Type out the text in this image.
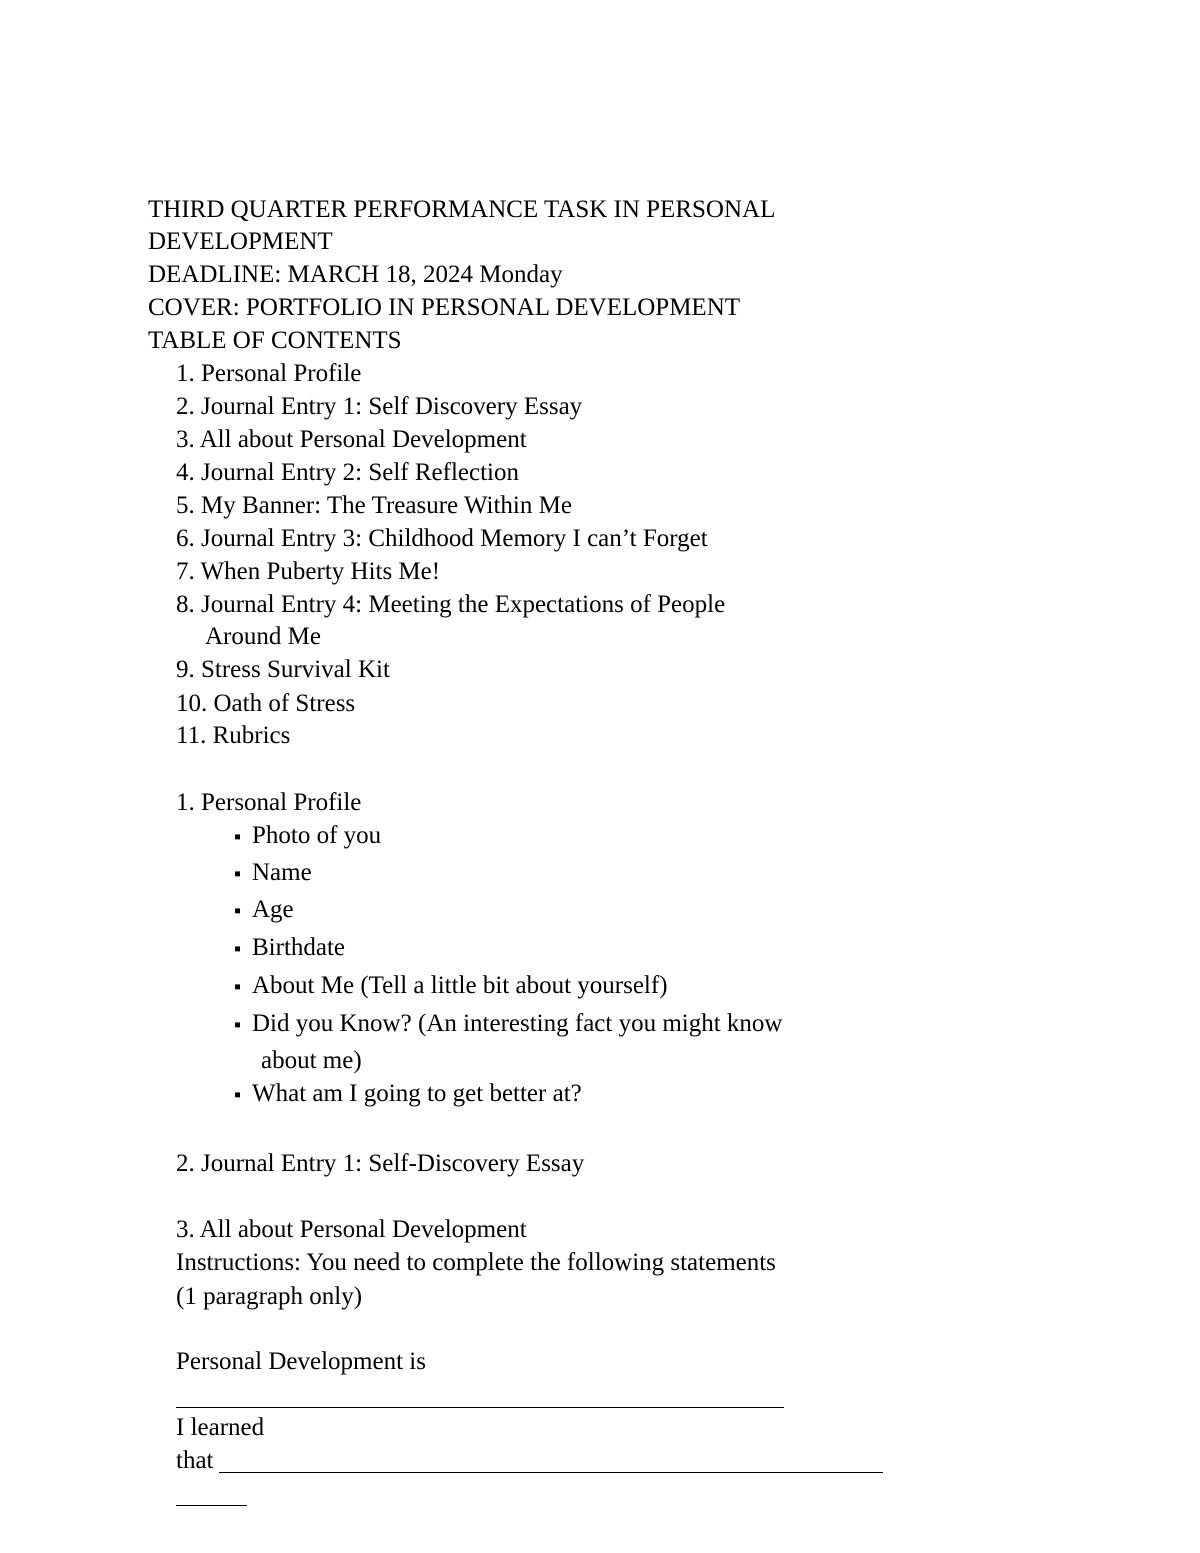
THIRD QUARTER PERFORMANCE TASK IN PERSONAL
DEVELOPMENT
DEADLINE: MARCH 18, 2024 Monday
COVER: PORTFOLIO IN PERSONAL DEVELOPMENT
TABLE OF CONTENTS
1. Personal Profile
2. Journal Entry 1: Self Discovery Essay
3. All about Personal Development
4. Journal Entry 2: Self Reflection
5. My Banner: The Treasure Within Me
6. Journal Entry 3: Childhood Memory I can’t Forget
7. When Puberty Hits Me!
8. Journal Entry 4: Meeting the Expectations of People
Around Me
9. Stress Survival Kit
10. Oath of Stress
11. Rubrics
1. Personal Profile
▪ Photo of you
▪ Name
▪ Age
▪ Birthdate
▪ About Me (Tell a little bit about yourself)
▪ Did you Know? (An interesting fact you might know
about me)
▪ What am I going to get better at?
2. Journal Entry 1: Self-Discovery Essay
3. All about Personal Development
Instructions: You need to complete the following statements
(1 paragraph only)
Personal Development is
I learned
that
